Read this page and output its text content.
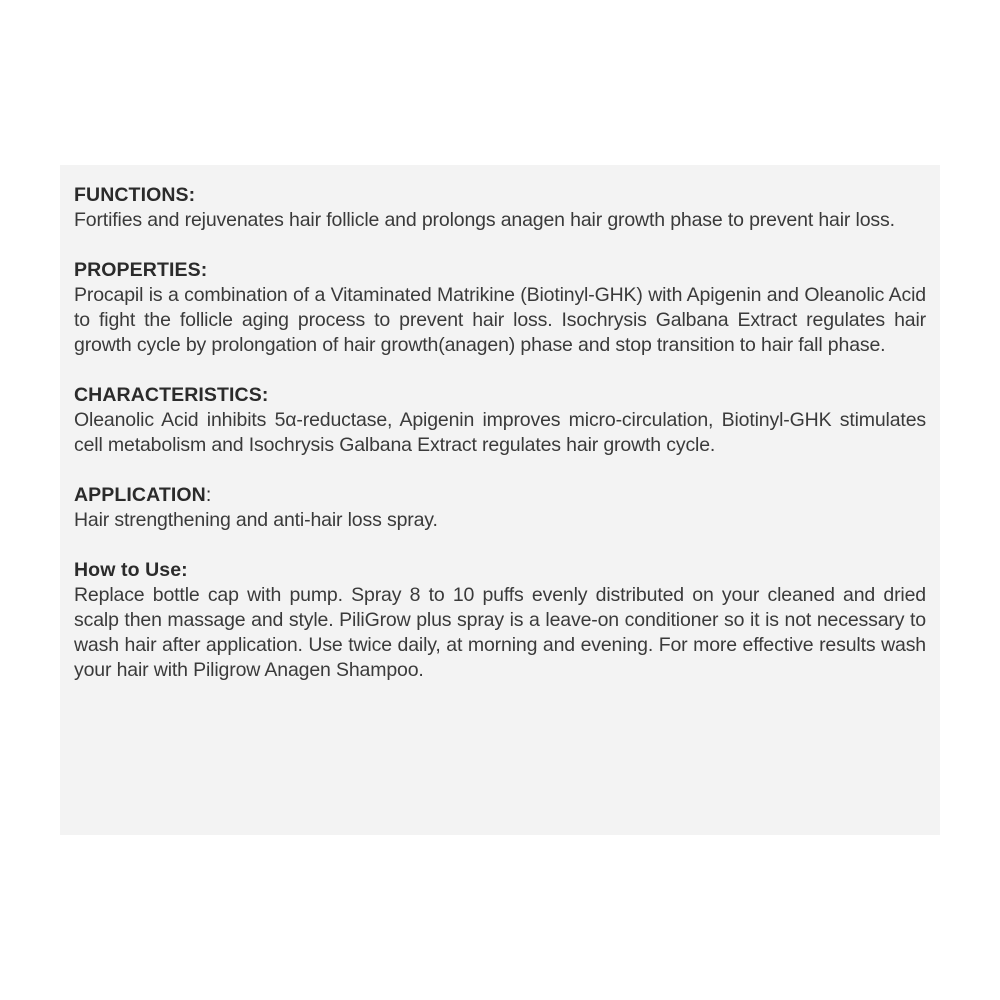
FUNCTIONS:

Fortifies and rejuvenates hair follicle and prolongs anagen hair growth phase to prevent hair loss.

PROPERTIES:

Procapil is a combination of a Vitaminated Matrikine (Biotinyl-GHK) with Apigenin and Oleanolic Acid to fight the follicle aging process to prevent hair loss. Isochrysis Galbana Extract regulates hair growth cycle by prolongation of hair growth(anagen) phase and stop transition to hair fall phase.

CHARACTERISTICS:

Oleanolic Acid inhibits 5α-reductase, Apigenin improves micro-circulation, Biotinyl-GHK stimulates cell metabolism and Isochrysis Galbana Extract regulates hair growth cycle.

APPLICATION:

Hair strengthening and anti-hair loss spray.

How to Use:

Replace bottle cap with pump. Spray 8 to 10 puffs evenly distributed on your cleaned and dried scalp then massage and style. PiliGrow plus spray is a leave-on conditioner so it is not necessary to wash hair after application. Use twice daily, at morning and evening. For more effective results wash your hair with Piligrow Anagen Shampoo.
